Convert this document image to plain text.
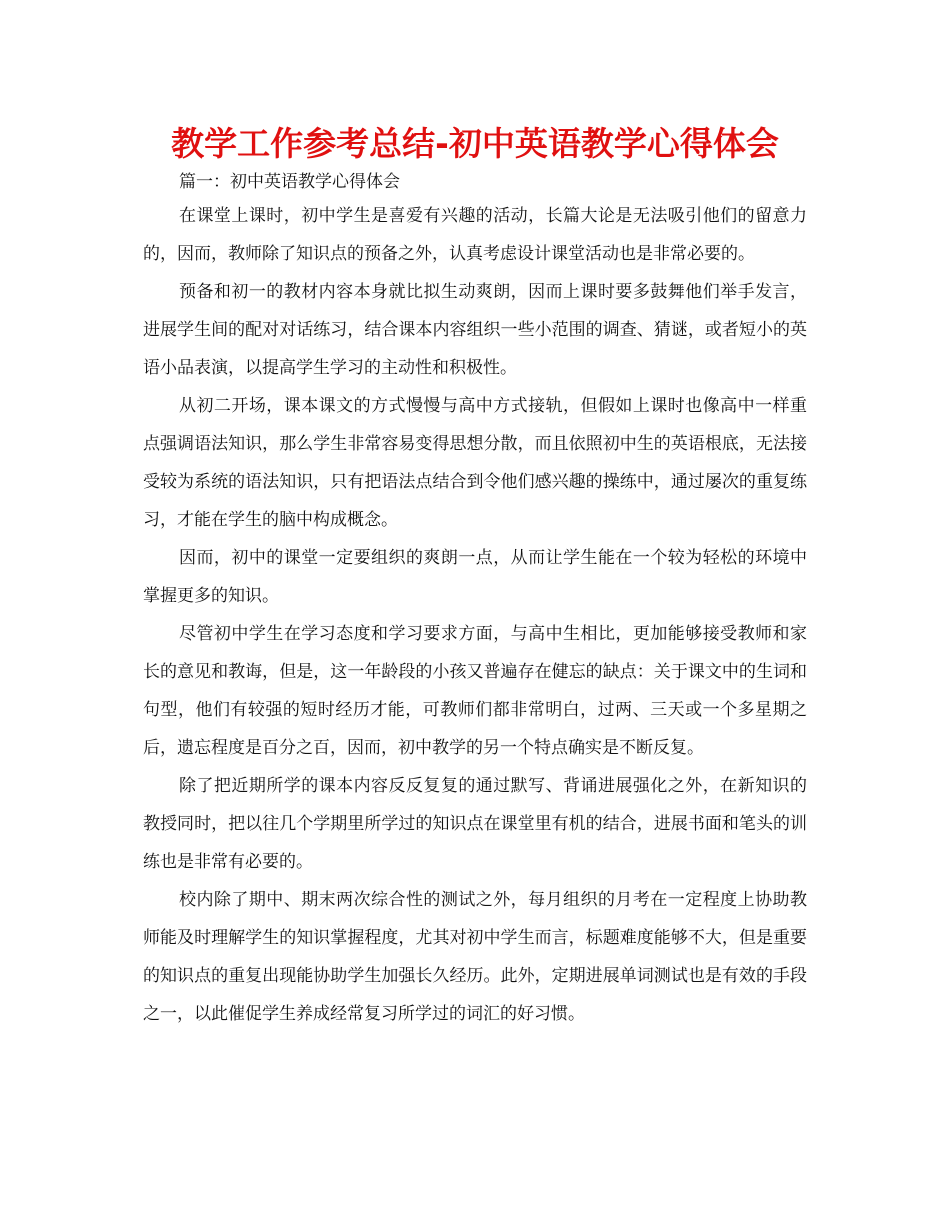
教学工作参考总结-初中英语教学心得体会

篇一：初中英语教学心得体会

在课堂上课时，初中学生是喜爱有兴趣的活动，长篇大论是无法吸引他们的留意力的，因而，教师除了知识点的预备之外，认真考虑设计课堂活动也是非常必要的。

预备和初一的教材内容本身就比拟生动爽朗，因而上课时要多鼓舞他们举手发言，进展学生间的配对对话练习，结合课本内容组织一些小范围的调查、猜谜，或者短小的英语小品表演，以提高学生学习的主动性和积极性。

从初二开场，课本课文的方式慢慢与高中方式接轨，但假如上课时也像高中一样重点强调语法知识，那么学生非常容易变得思想分散，而且依照初中生的英语根底，无法接受较为系统的语法知识，只有把语法点结合到令他们感兴趣的操练中，通过屡次的重复练习，才能在学生的脑中构成概念。

因而，初中的课堂一定要组织的爽朗一点，从而让学生能在一个较为轻松的环境中掌握更多的知识。

尽管初中学生在学习态度和学习要求方面，与高中生相比，更加能够接受教师和家长的意见和教诲，但是，这一年龄段的小孩又普遍存在健忘的缺点：关于课文中的生词和句型，他们有较强的短时经历才能，可教师们都非常明白，过两、三天或一个多星期之后，遗忘程度是百分之百，因而，初中教学的另一个特点确实是不断反复。

除了把近期所学的课本内容反反复复的通过默写、背诵进展强化之外，在新知识的教授同时，把以往几个学期里所学过的知识点在课堂里有机的结合，进展书面和笔头的训练也是非常有必要的。

校内除了期中、期末两次综合性的测试之外，每月组织的月考在一定程度上协助教师能及时理解学生的知识掌握程度，尤其对初中学生而言，标题难度能够不大，但是重要的知识点的重复出现能协助学生加强长久经历。此外，定期进展单词测试也是有效的手段之一，以此催促学生养成经常复习所学过的词汇的好习惯。
